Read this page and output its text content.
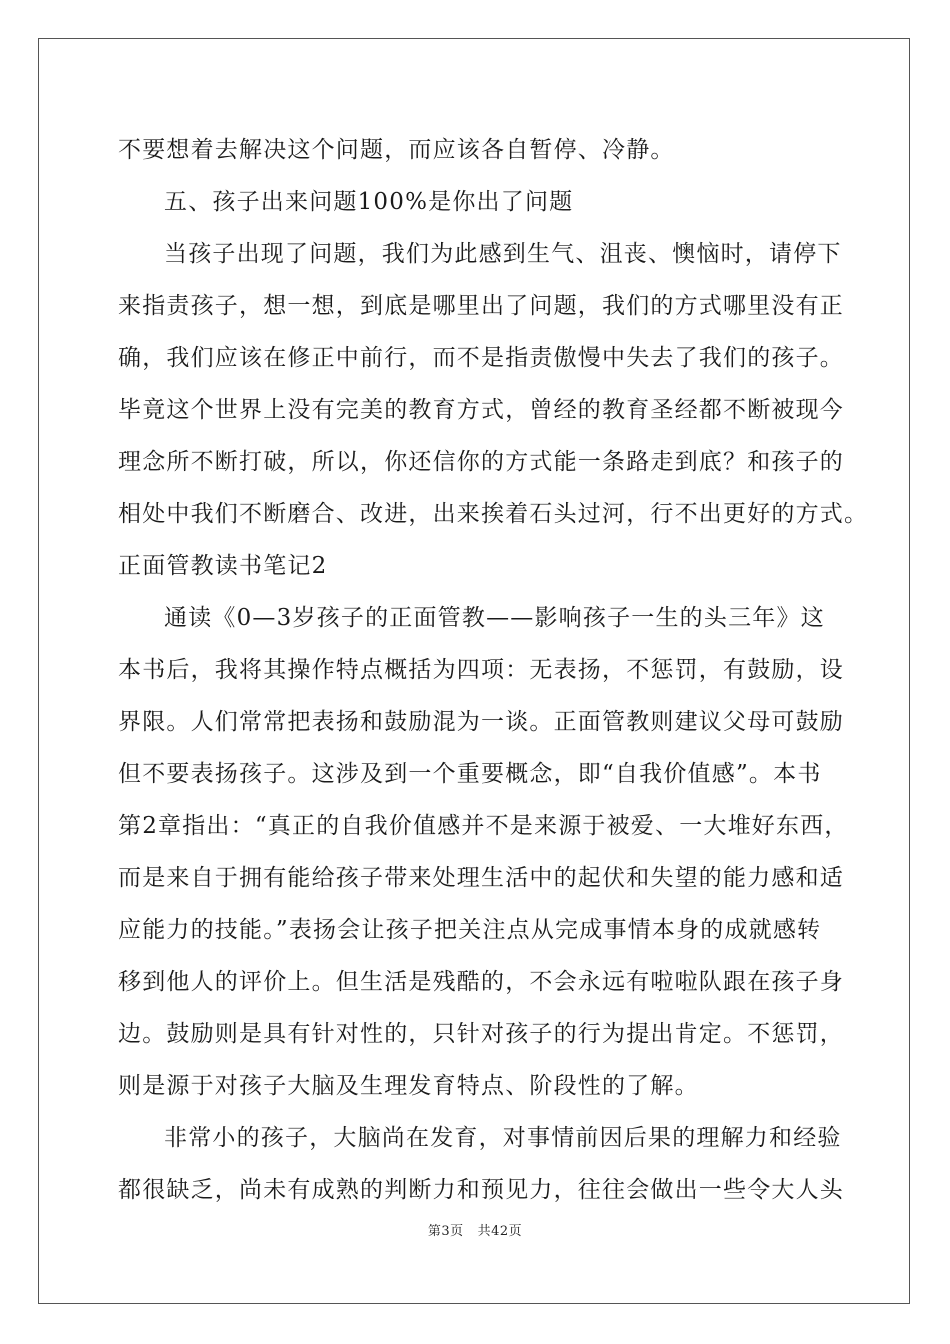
不要想着去解决这个问题，而应该各自暂停、冷静。
五、孩子出来问题100%是你出了问题
当孩子出现了问题，我们为此感到生气、沮丧、懊恼时，请停下
来指责孩子，想一想，到底是哪里出了问题，我们的方式哪里没有正
确，我们应该在修正中前行，而不是指责傲慢中失去了我们的孩子。
毕竟这个世界上没有完美的教育方式，曾经的教育圣经都不断被现今
理念所不断打破，所以，你还信你的方式能一条路走到底？和孩子的
相处中我们不断磨合、改进，出来挨着石头过河，行不出更好的方式。
正面管教读书笔记2
通读《0—3岁孩子的正面管教——影响孩子一生的头三年》这
本书后，我将其操作特点概括为四项：无表扬，不惩罚，有鼓励，设
界限。人们常常把表扬和鼓励混为一谈。正面管教则建议父母可鼓励
但不要表扬孩子。这涉及到一个重要概念，即“自我价值感”。本书
第2章指出：“真正的自我价值感并不是来源于被爱、一大堆好东西，
而是来自于拥有能给孩子带来处理生活中的起伏和失望的能力感和适
应能力的技能。”表扬会让孩子把关注点从完成事情本身的成就感转
移到他人的评价上。但生活是残酷的，不会永远有啦啦队跟在孩子身
边。鼓励则是具有针对性的，只针对孩子的行为提出肯定。不惩罚，
则是源于对孩子大脑及生理发育特点、阶段性的了解。
非常小的孩子，大脑尚在发育，对事情前因后果的理解力和经验
都很缺乏，尚未有成熟的判断力和预见力，往往会做出一些令大人头
第3页 共42页
